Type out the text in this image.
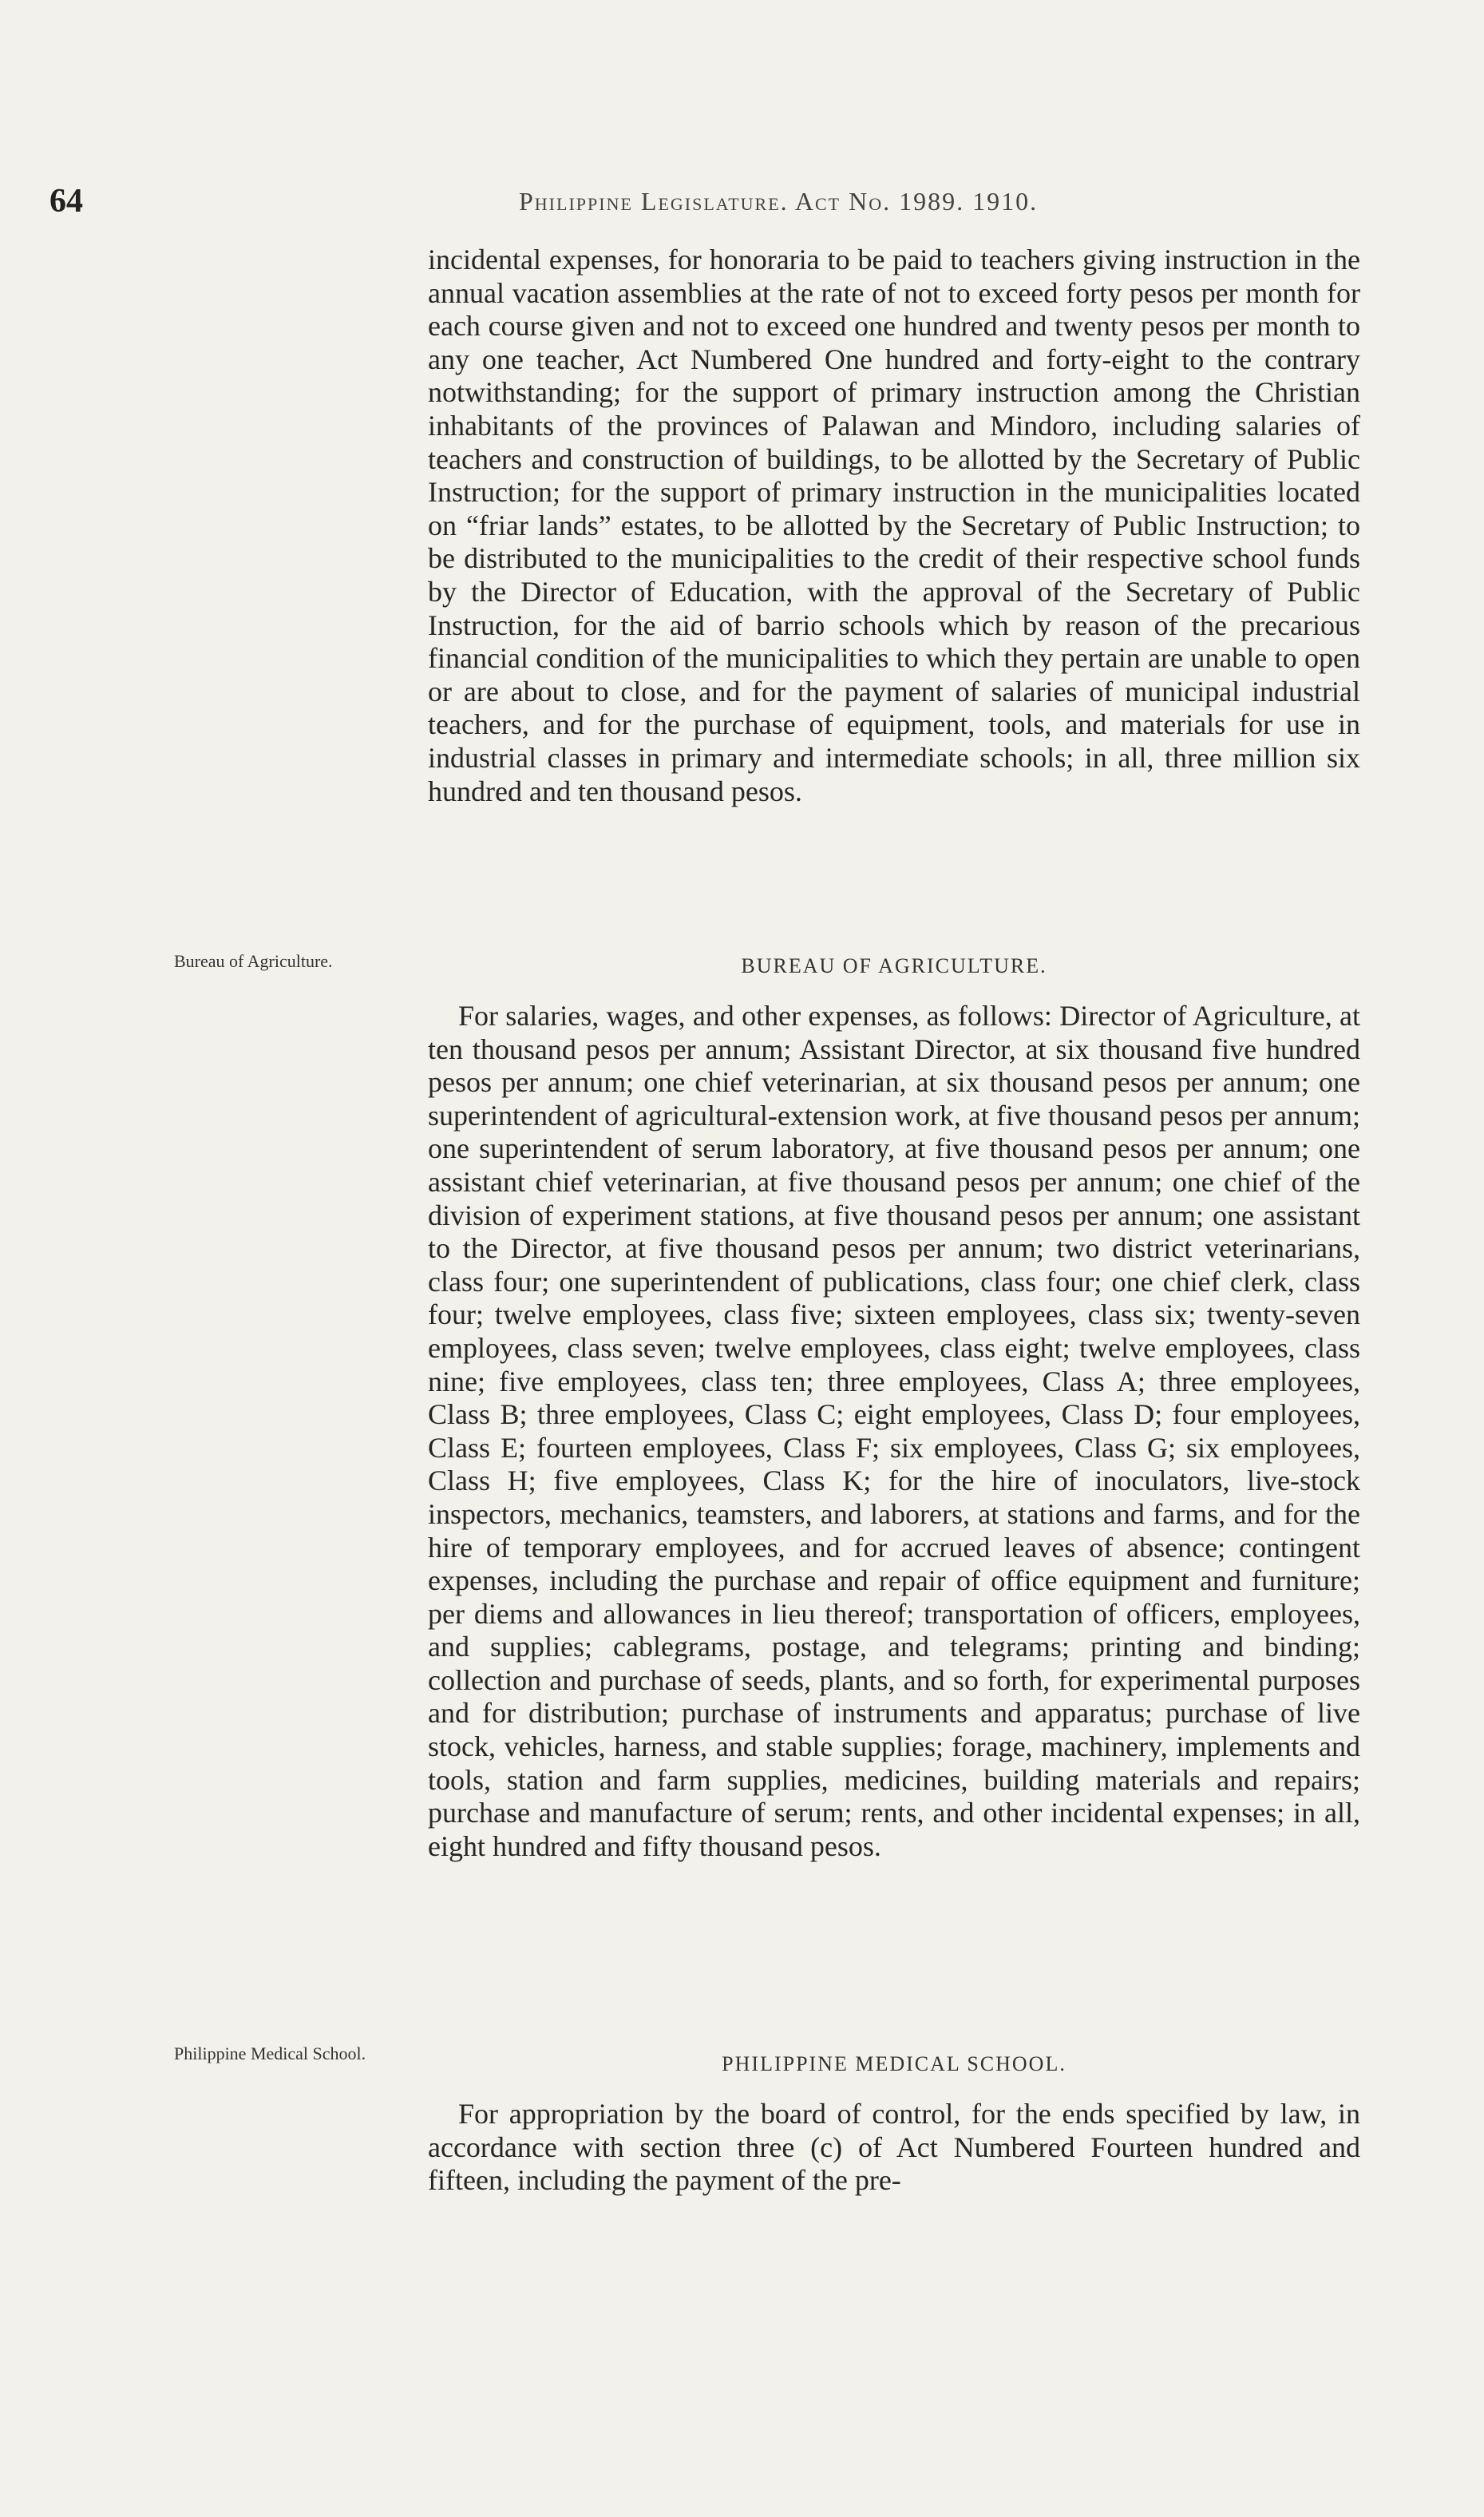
64	Philippine Legislature. Act No. 1989. 1910.

incidental expenses, for honoraria to be paid to teachers giving instruction in the annual vacation assemblies at the rate of not to exceed forty pesos per month for each course given and not to exceed one hundred and twenty pesos per month to any one teacher, Act Numbered One hundred and forty-eight to the contrary notwithstanding; for the support of primary instruction among the Christian inhabitants of the provinces of Palawan and Mindoro, including salaries of teachers and construction of buildings, to be allotted by the Secretary of Public Instruction; for the support of primary instruction in the municipalities located on “friar lands” estates, to be allotted by the Secretary of Public Instruction; to be distributed to the municipalities to the credit of their respective school funds by the Director of Education, with the approval of the Secretary of Public Instruction, for the aid of barrio schools which by reason of the precarious financial condition of the municipalities to which they pertain are unable to open or are about to close, and for the payment of salaries of municipal industrial teachers, and for the purchase of equipment, tools, and materials for use in industrial classes in primary and intermediate schools; in all, three million six hundred and ten thousand pesos.

Bureau of Agriculture.	BUREAU OF AGRICULTURE.

For salaries, wages, and other expenses, as follows: Director of Agriculture, at ten thousand pesos per annum; Assistant Director, at six thousand five hundred pesos per annum; one chief veterinarian, at six thousand pesos per annum; one superintendent of agricultural-extension work, at five thousand pesos per annum; one superintendent of serum laboratory, at five thousand pesos per annum; one assistant chief veterinarian, at five thousand pesos per annum; one chief of the division of experiment stations, at five thousand pesos per annum; one assistant to the Director, at five thousand pesos per annum; two district veterinarians, class four; one superintendent of publications, class four; one chief clerk, class four; twelve employees, class five; sixteen employees, class six; twenty-seven employees, class seven; twelve employees, class eight; twelve employees, class nine; five employees, class ten; three employees, Class A; three employees, Class B; three employees, Class C; eight employees, Class D; four employees, Class E; fourteen employees, Class F; six employees, Class G; six employees, Class H; five employees, Class K; for the hire of inoculators, live-stock inspectors, mechanics, teamsters, and laborers, at stations and farms, and for the hire of temporary employees, and for accrued leaves of absence; contingent expenses, including the purchase and repair of office equipment and furniture; per diems and allowances in lieu thereof; transportation of officers, employees, and supplies; cablegrams, postage, and telegrams; printing and binding; collection and purchase of seeds, plants, and so forth, for experimental purposes and for distribution; purchase of instruments and apparatus; purchase of live stock, vehicles, harness, and stable supplies; forage, machinery, implements and tools, station and farm supplies, medicines, building materials and repairs; purchase and manufacture of serum; rents, and other incidental expenses; in all, eight hundred and fifty thousand pesos.

Philippine Medical School.	PHILIPPINE MEDICAL SCHOOL.

For appropriation by the board of control, for the ends specified by law, in accordance with section three (c) of Act Numbered Fourteen hundred and fifteen, including the payment of the pre-
